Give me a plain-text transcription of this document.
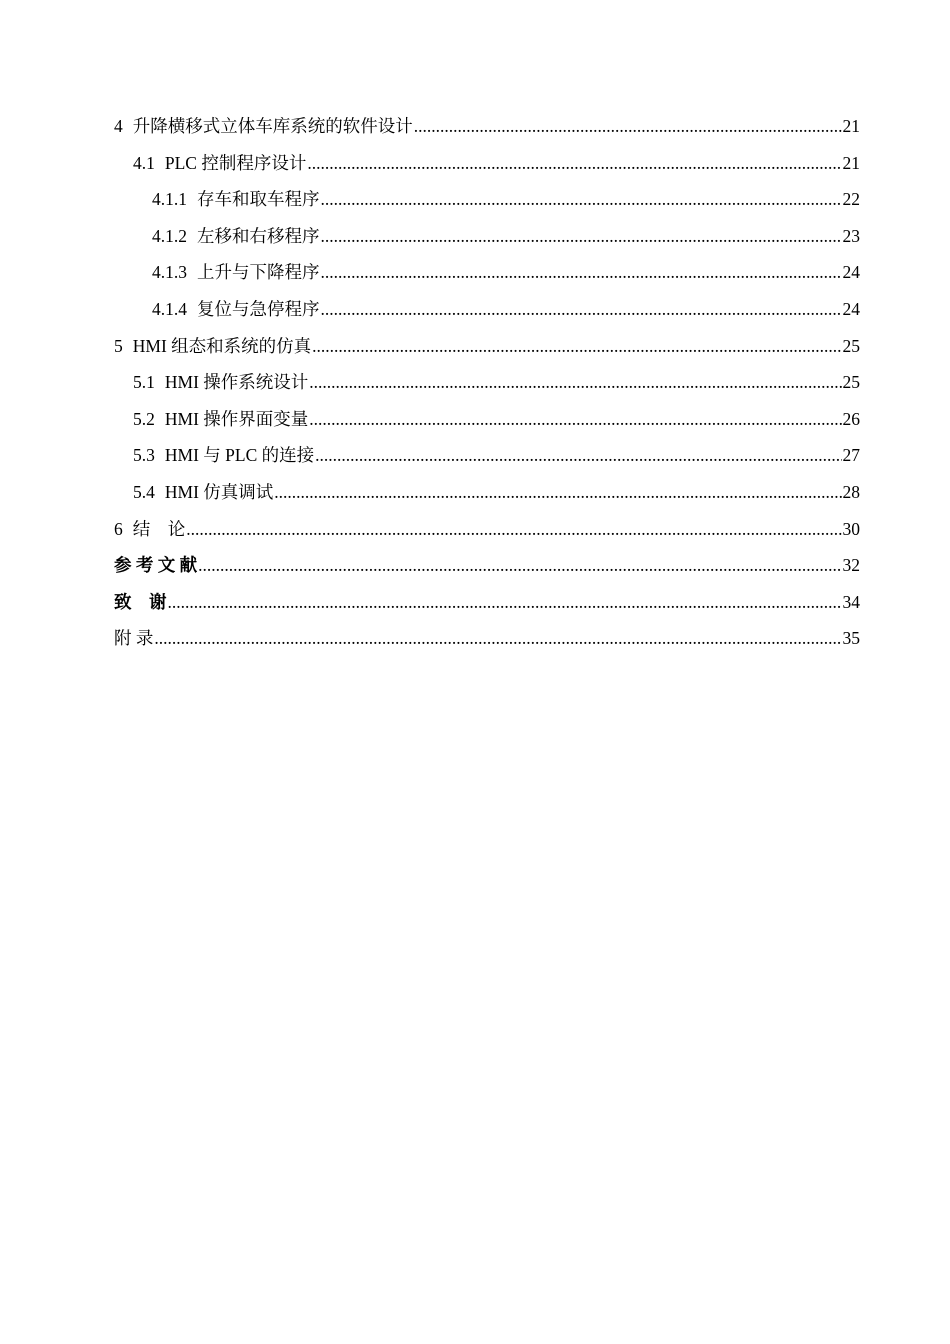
4 升降横移式立体车库系统的软件设计 .....	21
4.1 PLC 控制程序设计 .....	21
4.1.1 存车和取车程序 .....	22
4.1.2 左移和右移程序 .....	23
4.1.3 上升与下降程序 .....	24
4.1.4 复位与急停程序 .....	24
5 HMI 组态和系统的仿真 .....	25
5.1 HMI 操作系统设计 .....	25
5.2 HMI 操作界面变量 .....	26
5.3 HMI 与 PLC 的连接 .....	27
5.4 HMI 仿真调试 .....	28
6 结　论 .....	30
参 考 文 献 .....	32
致　谢 .....	34
附 录 .....	35
